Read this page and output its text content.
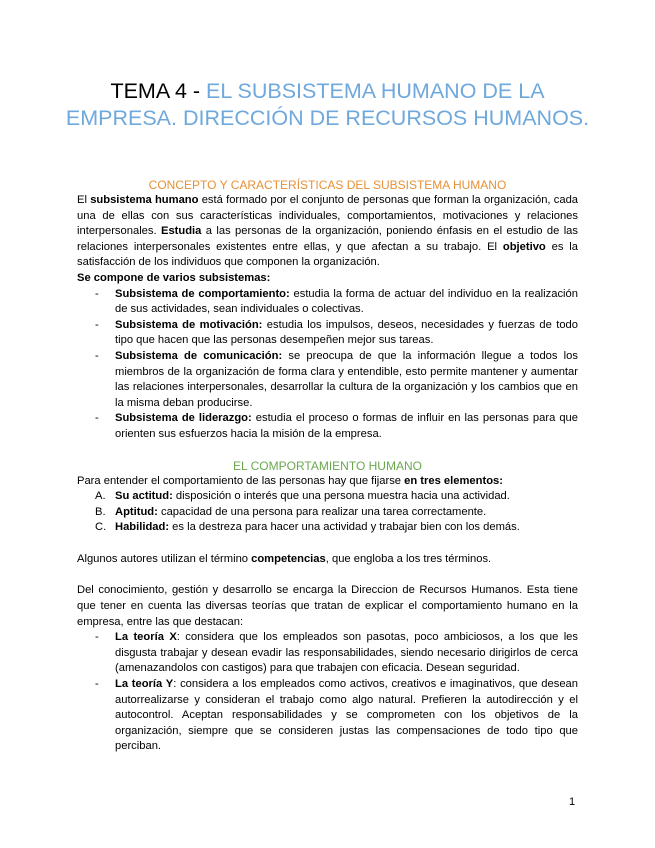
TEMA 4 - EL SUBSISTEMA HUMANO DE LA EMPRESA. DIRECCIÓN DE RECURSOS HUMANOS.
CONCEPTO Y CARACTERÍSTICAS DEL SUBSISTEMA HUMANO

El subsistema humano está formado por el conjunto de personas que forman la organización, cada una de ellas con sus características individuales, comportamientos, motivaciones y relaciones interpersonales. Estudia a las personas de la organización, poniendo énfasis en el estudio de las relaciones interpersonales existentes entre ellas, y que afectan a su trabajo. El objetivo es la satisfacción de los individuos que componen la organización.

Se compone de varios subsistemas:

- Subsistema de comportamiento: estudia la forma de actuar del individuo en la realización de sus actividades, sean individuales o colectivas.
- Subsistema de motivación: estudia los impulsos, deseos, necesidades y fuerzas de todo tipo que hacen que las personas desempeñen mejor sus tareas.
- Subsistema de comunicación: se preocupa de que la información llegue a todos los miembros de la organización de forma clara y entendible, esto permite mantener y aumentar las relaciones interpersonales, desarrollar la cultura de la organización y los cambios que en la misma deban producirse.
- Subsistema de liderazgo: estudia el proceso o formas de influir en las personas para que orienten sus esfuerzos hacia la misión de la empresa.
EL COMPORTAMIENTO HUMANO

Para entender el comportamiento de las personas hay que fijarse en tres elementos:

A. Su actitud: disposición o interés que una persona muestra hacia una actividad.
B. Aptitud: capacidad de una persona para realizar una tarea correctamente.
C. Habilidad: es la destreza para hacer una actividad y trabajar bien con los demás.

Algunos autores utilizan el término competencias, que engloba a los tres términos.

Del conocimiento, gestión y desarrollo se encarga la Direccion de Recursos Humanos. Esta tiene que tener en cuenta las diversas teorías que tratan de explicar el comportamiento humano en la empresa, entre las que destacan:

- La teoría X: considera que los empleados son pasotas, poco ambiciosos, a los que les disgusta trabajar y desean evadir las responsabilidades, siendo necesario dirigirlos de cerca (amenazandolos con castigos) para que trabajen con eficacia. Desean seguridad.
- La teoría Y: considera a los empleados como activos, creativos e imaginativos, que desean autorrealizarse y consideran el trabajo como algo natural. Prefieren la autodirección y el autocontrol. Aceptan responsabilidades y se comprometen con los objetivos de la organización, siempre que se consideren justas las compensaciones de todo tipo que perciban.
1
